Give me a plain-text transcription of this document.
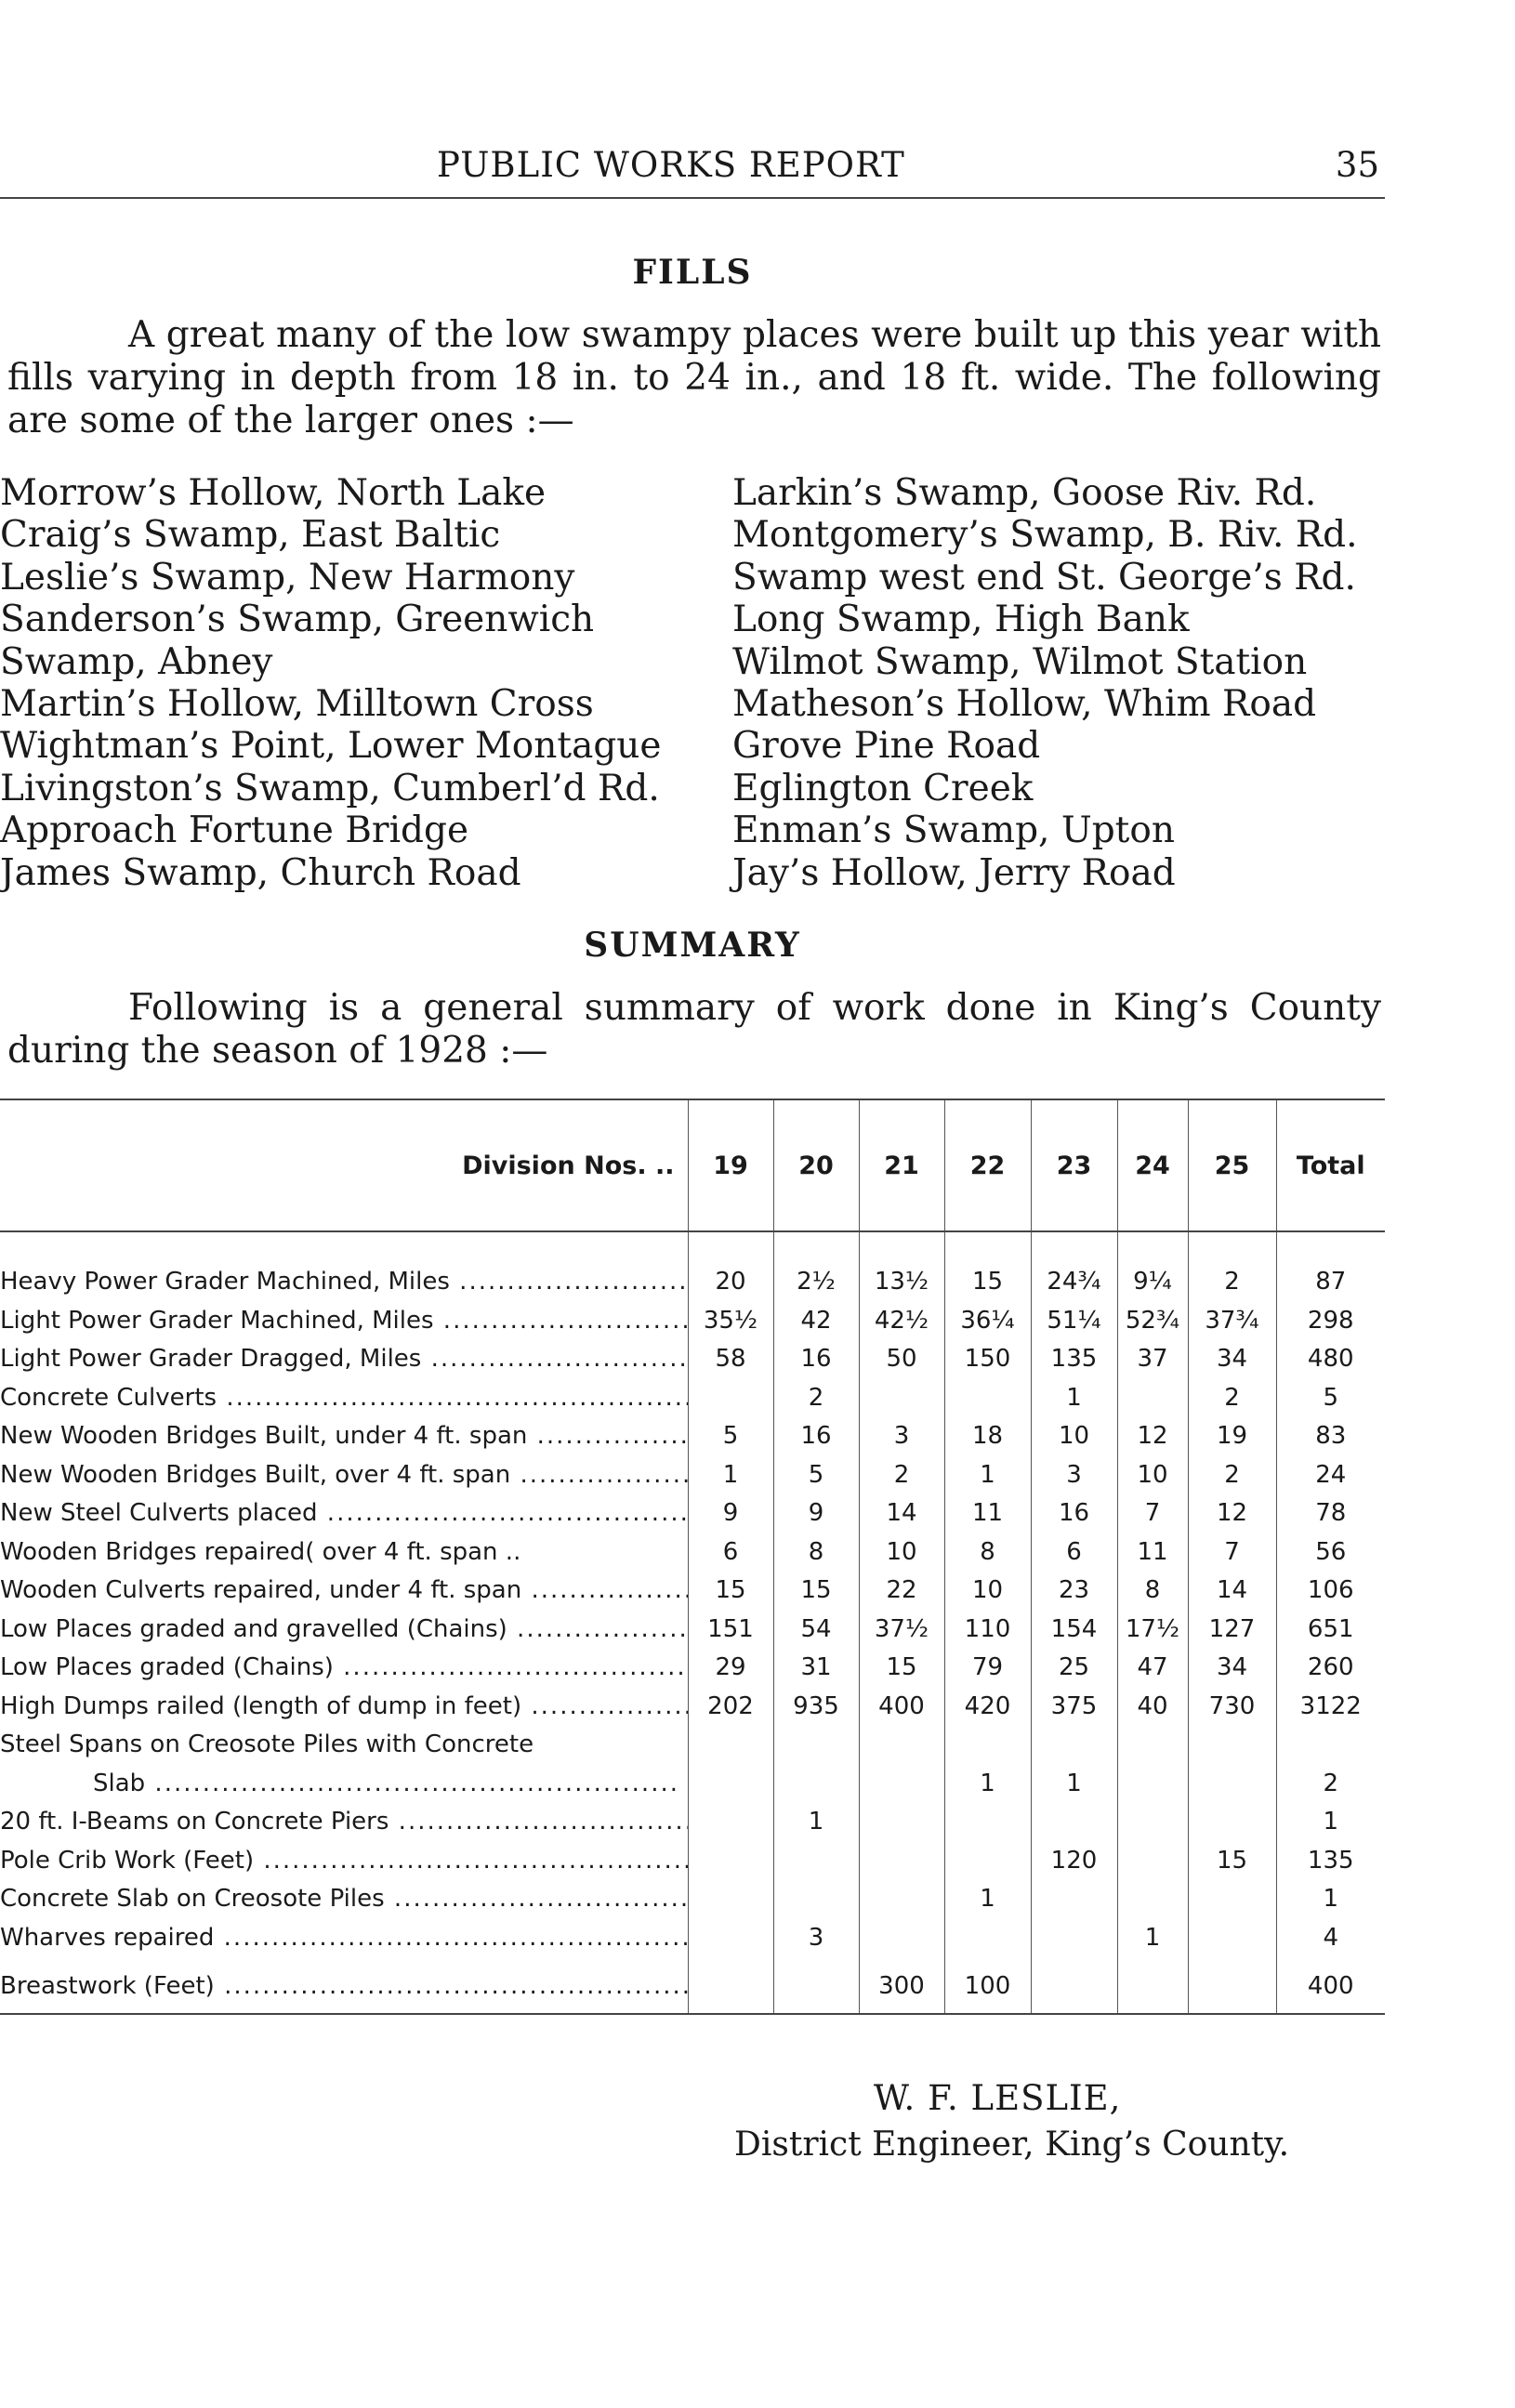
PUBLIC WORKS REPORT	35
FILLS

A great many of the low swampy places were built up this year with fills varying in depth from 18 in. to 24 in., and 18 ft. wide. The following are some of the larger ones :—

Morrow’s Hollow, North Lake
Craig’s Swamp, East Baltic
Leslie’s Swamp, New Harmony
Sanderson’s Swamp, Greenwich
Swamp, Abney
Martin’s Hollow, Milltown Cross
Wightman’s Point, Lower Montague
Livingston’s Swamp, Cumberl’d Rd.
Approach Fortune Bridge
James Swamp, Church Road
Larkin’s Swamp, Goose Riv. Rd.
Montgomery’s Swamp, B. Riv. Rd.
Swamp west end St. George’s Rd.
Long Swamp, High Bank
Wilmot Swamp, Wilmot Station
Matheson’s Hollow, Whim Road
Grove Pine Road
Eglington Creek
Enman’s Swamp, Upton
Jay’s Hollow, Jerry Road
SUMMARY

Following is a general summary of work done in King’s County during the season of 1928 :—

Division Nos. ..	19	20	21	22	23	24	25	Total
Heavy Power Grader Machined, Miles .....	20	2½	13½	15	24¾	9¼	2	87
Light Power Grader Machined, Miles .....	35½	42	42½	36¼	51¼	52¾	37¾	298
Light Power Grader Dragged, Miles .....	58	16	50	150	135	37	34	480
Concrete Culverts .....		2			1		2	5
New Wooden Bridges Built, under 4 ft. span .....	5	16	3	18	10	12	19	83
New Wooden Bridges Built, over 4 ft. span .....	1	5	2	1	3	10	2	24
New Steel Culverts placed .....	9	9	14	11	16	7	12	78
Wooden Bridges repaired( over 4 ft. span ..	6	8	10	8	6	11	7	56
Wooden Culverts repaired, under 4 ft. span .....	15	15	22	10	23	8	14	106
Low Places graded and gravelled (Chains) .....	151	54	37½	110	154	17½	127	651
Low Places graded (Chains) .....	29	31	15	79	25	47	34	260
High Dumps railed (length of dump in feet) .....	202	935	400	420	375	40	730	3122
Steel Spans on Creosote Piles with Concrete								
Slab .....				1	1			2
20 ft. I-Beams on Concrete Piers .....		1						1
Pole Crib Work (Feet) .....					120		15	135
Concrete Slab on Creosote Piles .....				1				1
Wharves repaired .....		3				1		4
Breastwork (Feet) .....			300	100				400
W. F. LESLIE,
District Engineer, King’s County.
